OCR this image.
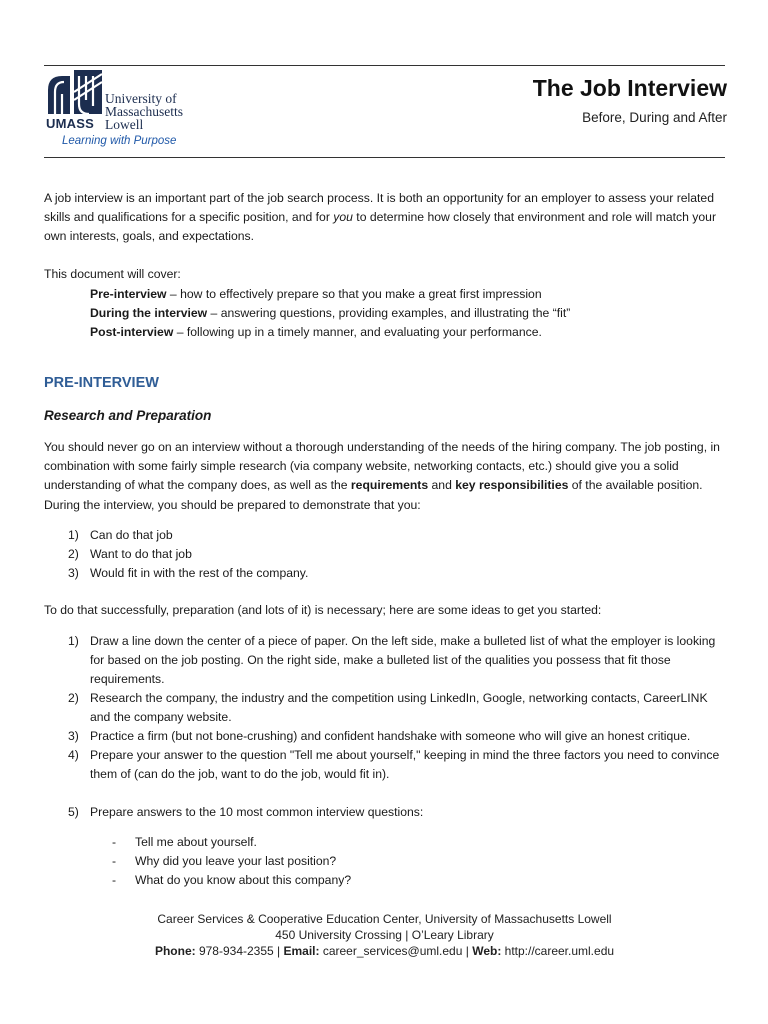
University of
Massachusetts
Lowell
UMASS
Learning with Purpose
The Job Interview
Before, During and After
A job interview is an important part of the job search process. It is both an opportunity for an employer to assess your related skills and qualifications for a specific position, and for you to determine how closely that environment and role will match your own interests, goals, and expectations.
This document will cover:
Pre-interview – how to effectively prepare so that you make a great first impression
During the interview – answering questions, providing examples, and illustrating the “fit”
Post-interview – following up in a timely manner, and evaluating your performance.
PRE-INTERVIEW
Research and Preparation
You should never go on an interview without a thorough understanding of the needs of the hiring company. The job posting, in combination with some fairly simple research (via company website, networking contacts, etc.) should give you a solid understanding of what the company does, as well as the requirements and key responsibilities of the available position. During the interview, you should be prepared to demonstrate that you:
1) Can do that job
2) Want to do that job
3) Would fit in with the rest of the company.
To do that successfully, preparation (and lots of it) is necessary; here are some ideas to get you started:
1) Draw a line down the center of a piece of paper. On the left side, make a bulleted list of what the employer is looking for based on the job posting. On the right side, make a bulleted list of the qualities you possess that fit those requirements.
2) Research the company, the industry and the competition using LinkedIn, Google, networking contacts, CareerLINK and the company website.
3) Practice a firm (but not bone-crushing) and confident handshake with someone who will give an honest critique.
4) Prepare your answer to the question "Tell me about yourself," keeping in mind the three factors you need to convince them of (can do the job, want to do the job, would fit in).
5) Prepare answers to the 10 most common interview questions:
- Tell me about yourself.
- Why did you leave your last position?
- What do you know about this company?
Career Services & Cooperative Education Center, University of Massachusetts Lowell
450 University Crossing | O’Leary Library
Phone: 978-934-2355 | Email: career_services@uml.edu | Web: http://career.uml.edu
